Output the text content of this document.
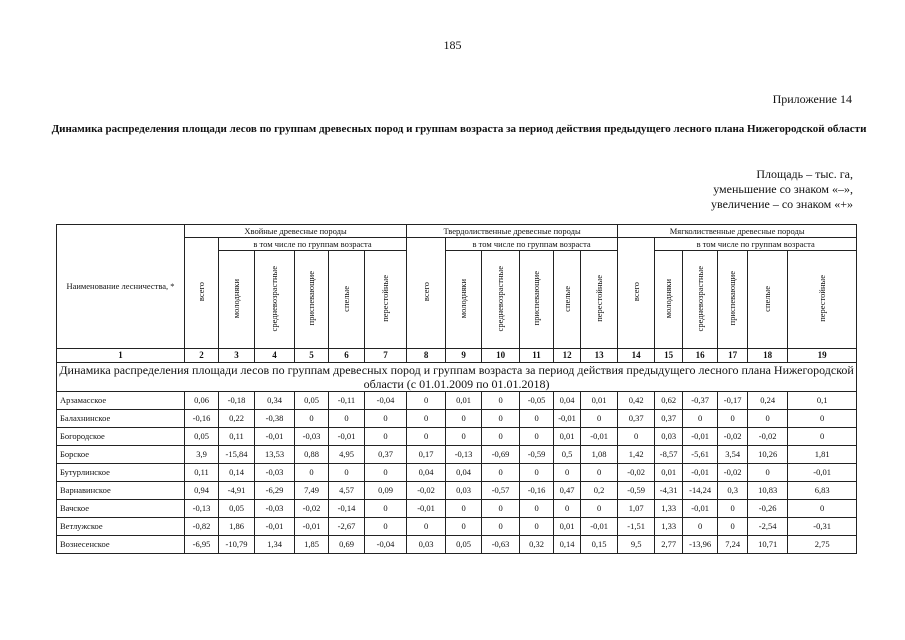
185
Приложение 14
Динамика распределения площади лесов по группам древесных пород и группам возраста за период действия предыдущего лесного плана Нижегородской области
Площадь – тыс. га,
уменьшение со знаком «–»,
увеличение – со знаком «+»
Наименование лесничества, *	Хвойные древесные породы						Твердолиственные древесные породы						Мягколиственные древесные породы					
	всего	в том числе по группам возраста					всего	в том числе по группам возраста					всего	в том числе по группам возраста				
		молодняки	средневозрастные	приспевающие	спелые	перестойные		молодняки	средневозрастные	приспевающие	спелые	перестойные		молодняки	средневозрастные	приспевающие	спелые	перестойные
1	2	3	4	5	6	7	8	9	10	11	12	13	14	15	16	17	18	19
Динамика распределения площади лесов по группам древесных пород и группам возраста за период действия предыдущего лесного плана Нижегородской области (с 01.01.2009 по 01.01.2018)																		
Арзамасское	0,06	-0,18	0,34	0,05	-0,11	-0,04	0	0,01	0	-0,05	0,04	0,01	0,42	0,62	-0,37	-0,17	0,24	0,1
Балахнинское	-0,16	0,22	-0,38	0	0	0	0	0	0	0	-0,01	0	0,37	0,37	0	0	0	0
Богородское	0,05	0,11	-0,01	-0,03	-0,01	0	0	0	0	0	0,01	-0,01	0	0,03	-0,01	-0,02	-0,02	0
Борское	3,9	-15,84	13,53	0,88	4,95	0,37	0,17	-0,13	-0,69	-0,59	0,5	1,08	1,42	-8,57	-5,61	3,54	10,26	1,81
Бутурлинское	0,11	0,14	-0,03	0	0	0	0,04	0,04	0	0	0	0	-0,02	0,01	-0,01	-0,02	0	-0,01
Варнавинское	0,94	-4,91	-6,29	7,49	4,57	0,09	-0,02	0,03	-0,57	-0,16	0,47	0,2	-0,59	-4,31	-14,24	0,3	10,83	6,83
Вачское	-0,13	0,05	-0,03	-0,02	-0,14	0	-0,01	0	0	0	0	0	1,07	1,33	-0,01	0	-0,26	0
Ветлужское	-0,82	1,86	-0,01	-0,01	-2,67	0	0	0	0	0	0,01	-0,01	-1,51	1,33	0	0	-2,54	-0,31
Вознесенское	-6,95	-10,79	1,34	1,85	0,69	-0,04	0,03	0,05	-0,63	0,32	0,14	0,15	9,5	2,77	-13,96	7,24	10,71	2,75
